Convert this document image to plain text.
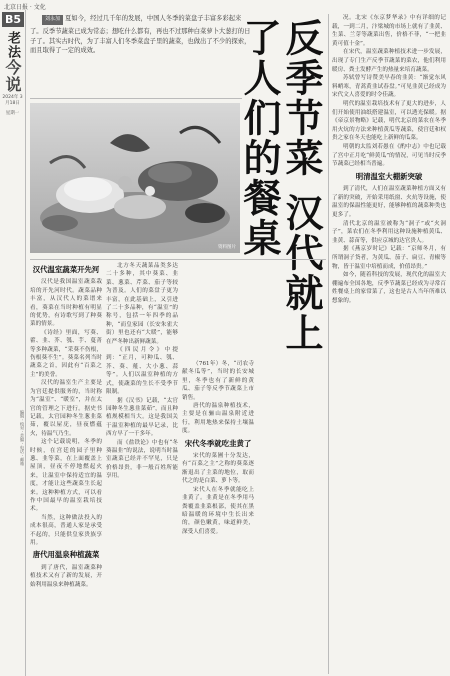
北京日报 · 文化
B5
老法
今说
2024年 3月18日
星期一
编辑 · 校对 · 美编 · 电话 · 邮箱
刘永加 夏如今，经过几千年的发展，中国人冬季的菜盘子丰富多彩起来了。反季节蔬菜已成为常态；想吃什么都有，再也不过那种白菜萝卜大葱打的日子了。其实古时代，为了丰富人们冬季菜盘子里的蔬菜，也做出了不少的探索，而且取得了一定的成效。
资料图片	反季节菜 汉代就上了人们的餐桌
汉代温室蔬菜开先河

汉代是我国温室蔬菜栽培的开先河时代。蔬菜品种丰富，从汉代人的菜谱来看，葵菜在当时种植有明显的优势，有诗歌写到了种葵菜的情景。

《诗经》里面，写葵、藿、韭、芥、瓠、芋、蔓菁等多种蔬菜，“采葵不伤根，伤根葵不生”。葵菜名列当时蔬菜之首，因此有“百菜之主”的美誉。

汉代的温室生产主要是为宫廷提供服务的，当时称为“温室”、“暖室”，并在太官的管理之下进行。据史书记载，太官园种冬生葱韭菜茹，覆以屋庑，昼夜燃蕴火，待温气乃生。

这个记载说明，冬季的时候，在宫廷的园子里种葱、韭等菜，在上面覆盖上屋顶，昼夜不停地燃起火来，让温室中保持适宜的温度，才能让这些蔬菜生长起来。这种种植方式，可以看作中国最早的温室栽培技术。

当然，这种做法投入的成本很高，普通人家是承受不起的，只能供皇家贵族享用。

唐代用温泉种植蔬菜

到了唐代，温室蔬菜种植技术又有了新的发展，开始利用温泉来种植蔬菜。

北方冬天蔬菜品类多达二十多种，其中葵菜、韭菜、葱菜、芹菜、茄子等较为普及。人们的菜盘子更为丰富，在此基础上，又引进了二十多品种，有“温室”的称号，包括一年四季的品种，“而皇家园（长安朱雀大街）里也还有“大暖”，能够在严冬种出新鲜蔬菜。

《四民月令》中提到：“正月，可种瓜、瓠、芥、葵、薤、大小葱、蒜等”。人们以温室种植的方式，使蔬菜的生长不受季节限制。

据《汉书》记载，“太官园种冬生葱韭菜茹”，而且种植规模相当大。这是我国关于温室种植的最早记录，比西方早了一千多年。

而《盐铁论》中也有“冬葵温韭”的说法，说明当时温室蔬菜已经并不罕见，只是价格昂贵，非一般百姓所能享用。

（761年）冬，“司农寺献冬瓜等”，当时的长安城里，冬季也有了新鲜的黄瓜、茄子等反季节蔬菜上市销售。

唐代的温泉种植技术，主要是在骊山温泉附近进行，利用地热来保持土壤温度。

宋代冬季就吃韭黄了

宋代的菜圃十分发达，有“百菜之主”之称的葵菜逐渐退出了主菜的地位，取而代之的是白菜、萝卜等。

宋代人在冬季就能吃上韭黄了。韭黄是在冬季用马粪覆盖韭菜根部，使其在黑暗温暖的环境中生长出来的，颜色嫩黄，味道鲜美，深受人们喜爱。

况。北宋《东京梦华录》中有详细的记载，一到二月，汴梁城的市场上就有了韭黄、生菜、兰芽等蔬菜出售，价格不菲，“一把韭黄可值十金”。

在宋代，温室蔬菜种植技术进一步发展，出现了专门生产反季节蔬菜的菜农，他们利用暖房、粪土发酵产生的热量来培育蔬菜。

苏轼曾写诗赞美早春的韭黄：“渐觉东风料峭寒，青蒿黄韭试春盘。”可见韭黄已经成为宋代文人喜爱的时令佳蔬。

明代的温室栽培技术有了更大的进步，人们开始使用油纸搭建温室，可以透光保暖。据《帝京景物略》记载，明代北京的菜农在冬季用火炕的方法来种植黄瓜等蔬菜，使宫廷和权贵之家在冬天也能吃上新鲜的瓜菜。

明朝的太监刘若愚在《酌中志》中也记载了宫中正月吃“鲜黄瓜”的情况，可见当时反季节蔬菜已经相当普遍。

明清温室大棚新突破

到了清代，人们在温室蔬菜种植方面又有了新的突破，开始采用纸窗、火炕等设施，使温室的保温性能更好，能够种植的蔬菜种类也更多了。

清代北京的温室被称为“洞子”或“火洞子”，菜农们在冬季利用这种设施种植黄瓜、韭黄、蒜苗等，供应京城的达官贵人。

据《燕京岁时记》记载：“京师冬月，有所谓洞子货者，为黄瓜、茄子、扁豆、青椒等物，皆于温室中培植而成，价值昂贵。”

如今，随着科技的发展，现代化的温室大棚遍布全国各地，反季节蔬菜已经成为寻常百姓餐桌上的家常菜了，这也是古人当年所难以想象的。
